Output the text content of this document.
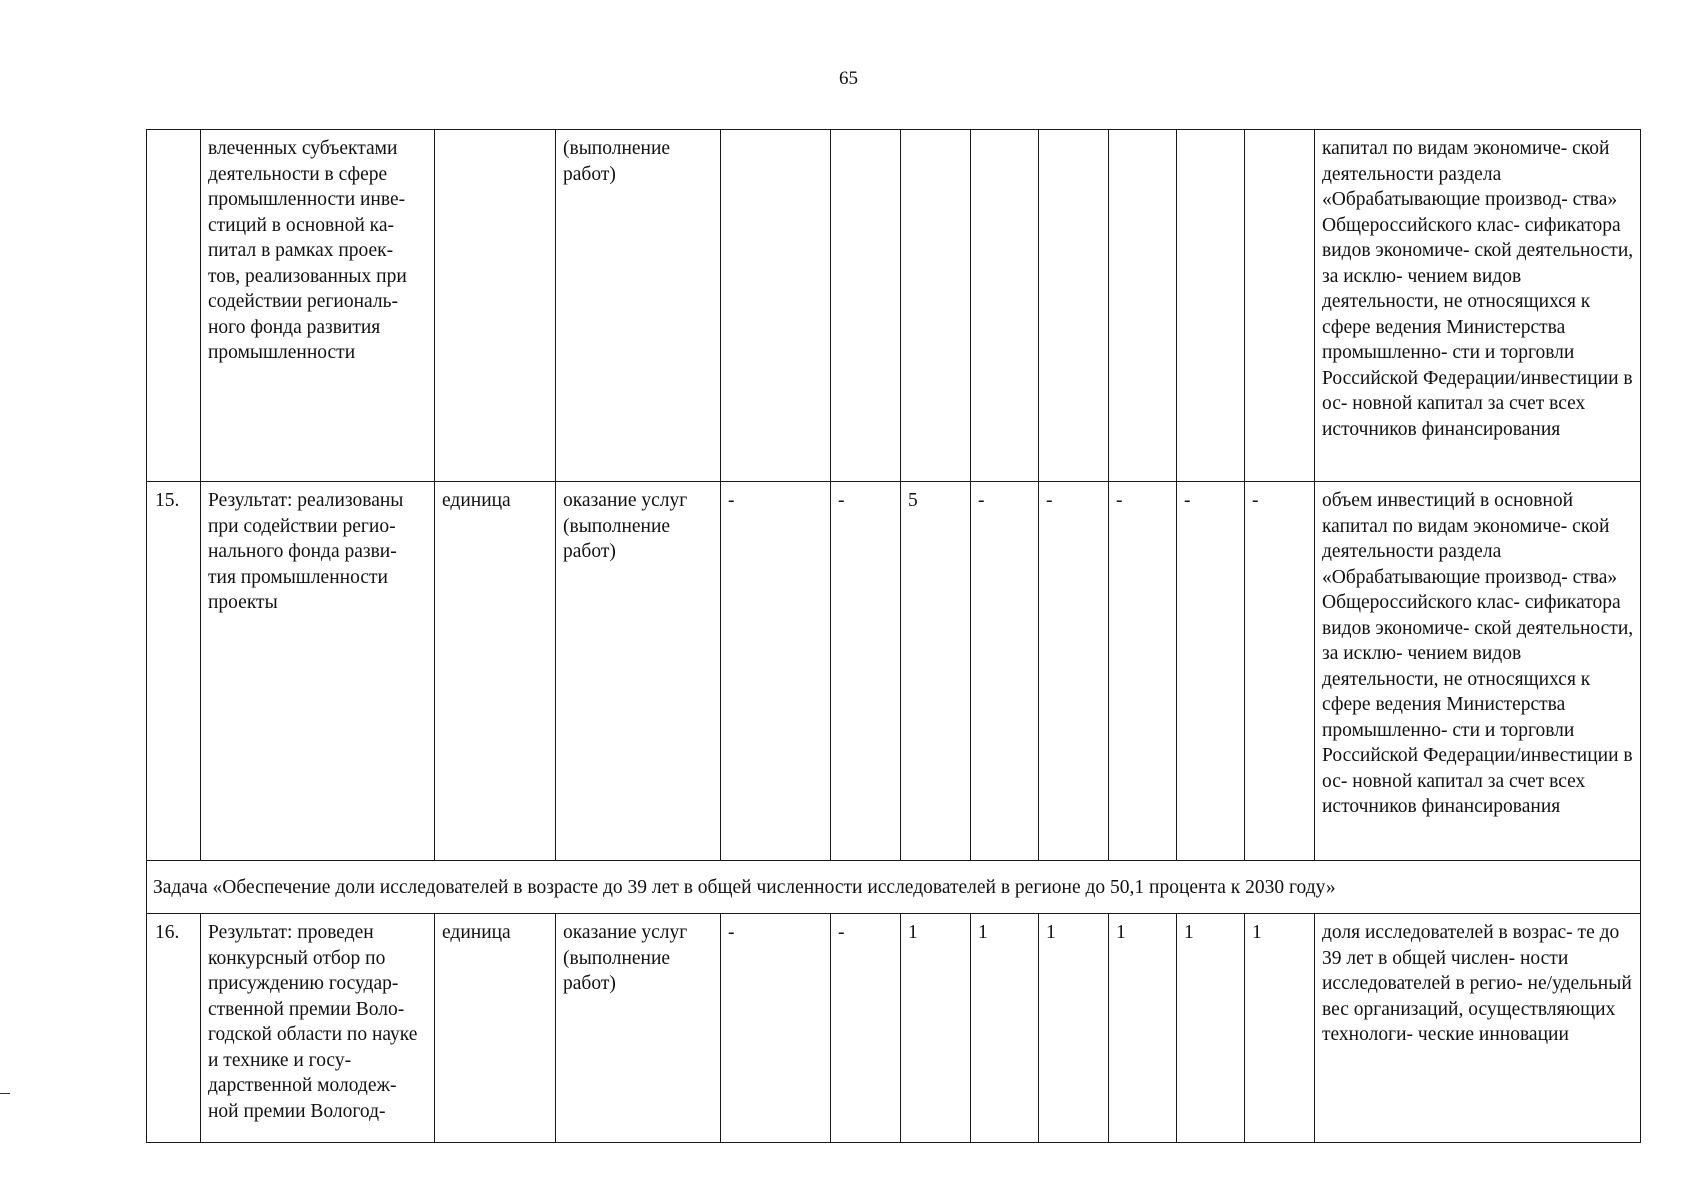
65
	влеченных субъектами деятельности в сфере промышленности инве- стиций в основной ка- питал в рамках проек- тов, реализованных при содействии региональ- ного фонда развития промышленности		(выполнение работ)									капитал по видам экономиче- ской деятельности раздела «Обрабатывающие производ- ства» Общероссийского клас- сификатора видов экономиче- ской деятельности, за исклю- чением видов деятельности, не относящихся к сфере ведения Министерства промышленно- сти и торговли Российской Федерации/инвестиции в ос- новной капитал за счет всех источников финансирования
15.	Результат: реализованы при содействии регио- нального фонда разви- тия промышленности проекты	единица	оказание услуг (выполнение работ)	-	-	5	-	-	-	-	-	объем инвестиций в основной капитал по видам экономиче- ской деятельности раздела «Обрабатывающие производ- ства» Общероссийского клас- сификатора видов экономиче- ской деятельности, за исклю- чением видов деятельности, не относящихся к сфере ведения Министерства промышленно- сти и торговли Российской Федерации/инвестиции в ос- новной капитал за счет всех источников финансирования
Задача «Обеспечение доли исследователей в возрасте до 39 лет в общей численности исследователей в регионе до 50,1 процента к 2030 году»												
16.	Результат: проведен конкурсный отбор по присуждению государ- ственной премии Воло- годской области по науке и технике и госу- дарственной молодеж- ной премии Вологод-	единица	оказание услуг (выполнение работ)	-	-	1	1	1	1	1	1	доля исследователей в возрас- те до 39 лет в общей числен- ности исследователей в регио- не/удельный вес организаций, осуществляющих технологи- ческие инновации
